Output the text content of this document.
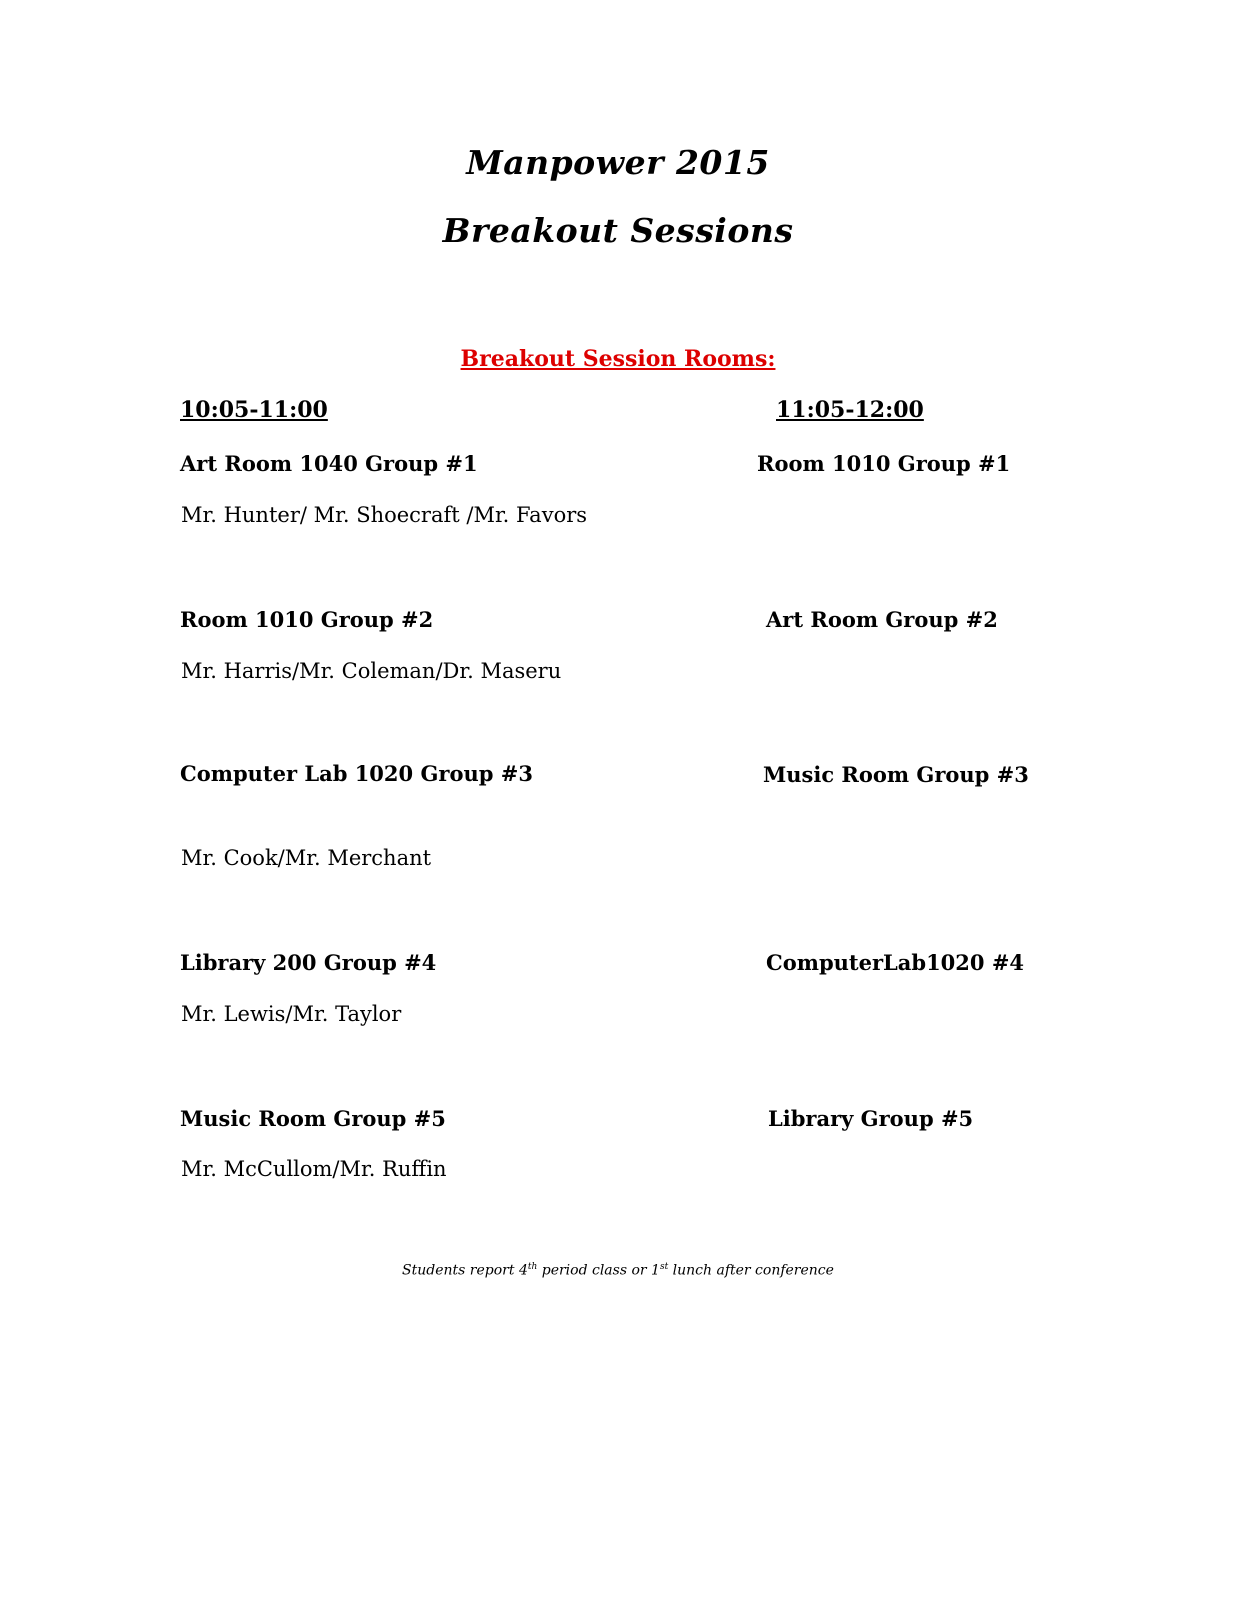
Manpower 2015
Breakout Sessions
Breakout Session Rooms:
10:05-11:00	11:05-12:00
Art Room 1040 Group #1	Room 1010 Group #1
Mr. Hunter/ Mr. Shoecraft /Mr. Favors
Room 1010 Group #2	Art Room Group #2
Mr. Harris/Mr. Coleman/Dr. Maseru
Computer Lab 1020 Group #3	Music Room Group #3
Mr. Cook/Mr. Merchant
Library 200 Group #4	ComputerLab1020 #4
Mr. Lewis/Mr. Taylor
Music Room Group #5	Library Group #5
Mr. McCullom/Mr. Ruffin

Students report 4th period class or 1st lunch after conference
